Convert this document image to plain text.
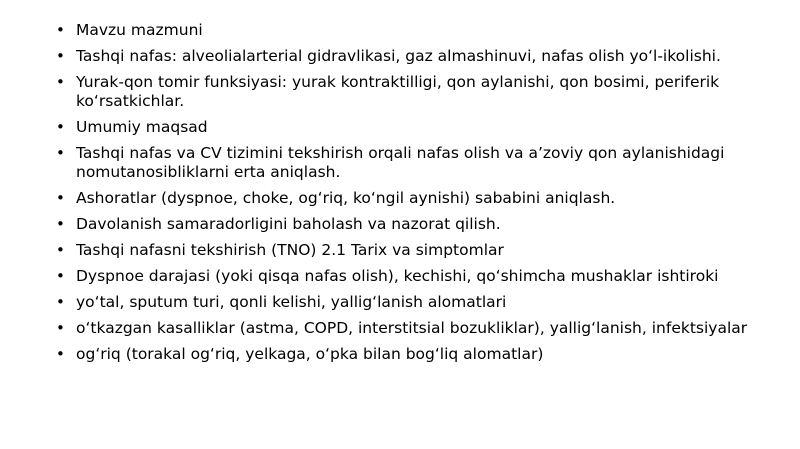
• Mavzu mazmuni
• Tashqi nafas: alveolialarterial gidravlikasi, gaz almashinuvi, nafas olish yoʻl-ikolishi.
• Yurak-qon tomir funksiyasi: yurak kontraktilligi, qon aylanishi, qon bosimi, periferik koʻrsatkichlar.
• Umumiy maqsad
• Tashqi nafas va CV tizimini tekshirish orqali nafas olish va aʼzoviy qon aylanishidagi nomutanosibliklarni erta aniqlash.
• Ashoratlar (dyspnoe, choke, ogʻriq, koʻngil aynishi) sababini aniqlash.
• Davolanish samaradorligini baholash va nazorat qilish.
• Tashqi nafasni tekshirish (TNO) 2.1 Tarix va simptomlar
• Dyspnoe darajasi (yoki qisqa nafas olish), kechishi, qoʻshimcha mushaklar ishtiroki
• yoʻtal, sputum turi, qonli kelishi, yalligʻlanish alomatlari
• oʻtkazgan kasalliklar (astma, COPD, interstitsial bozukliklar), yalligʻlanish, infektsiyalar
• ogʻriq (torakal ogʻriq, yelkaga, oʻpka bilan bogʻliq alomatlar)
